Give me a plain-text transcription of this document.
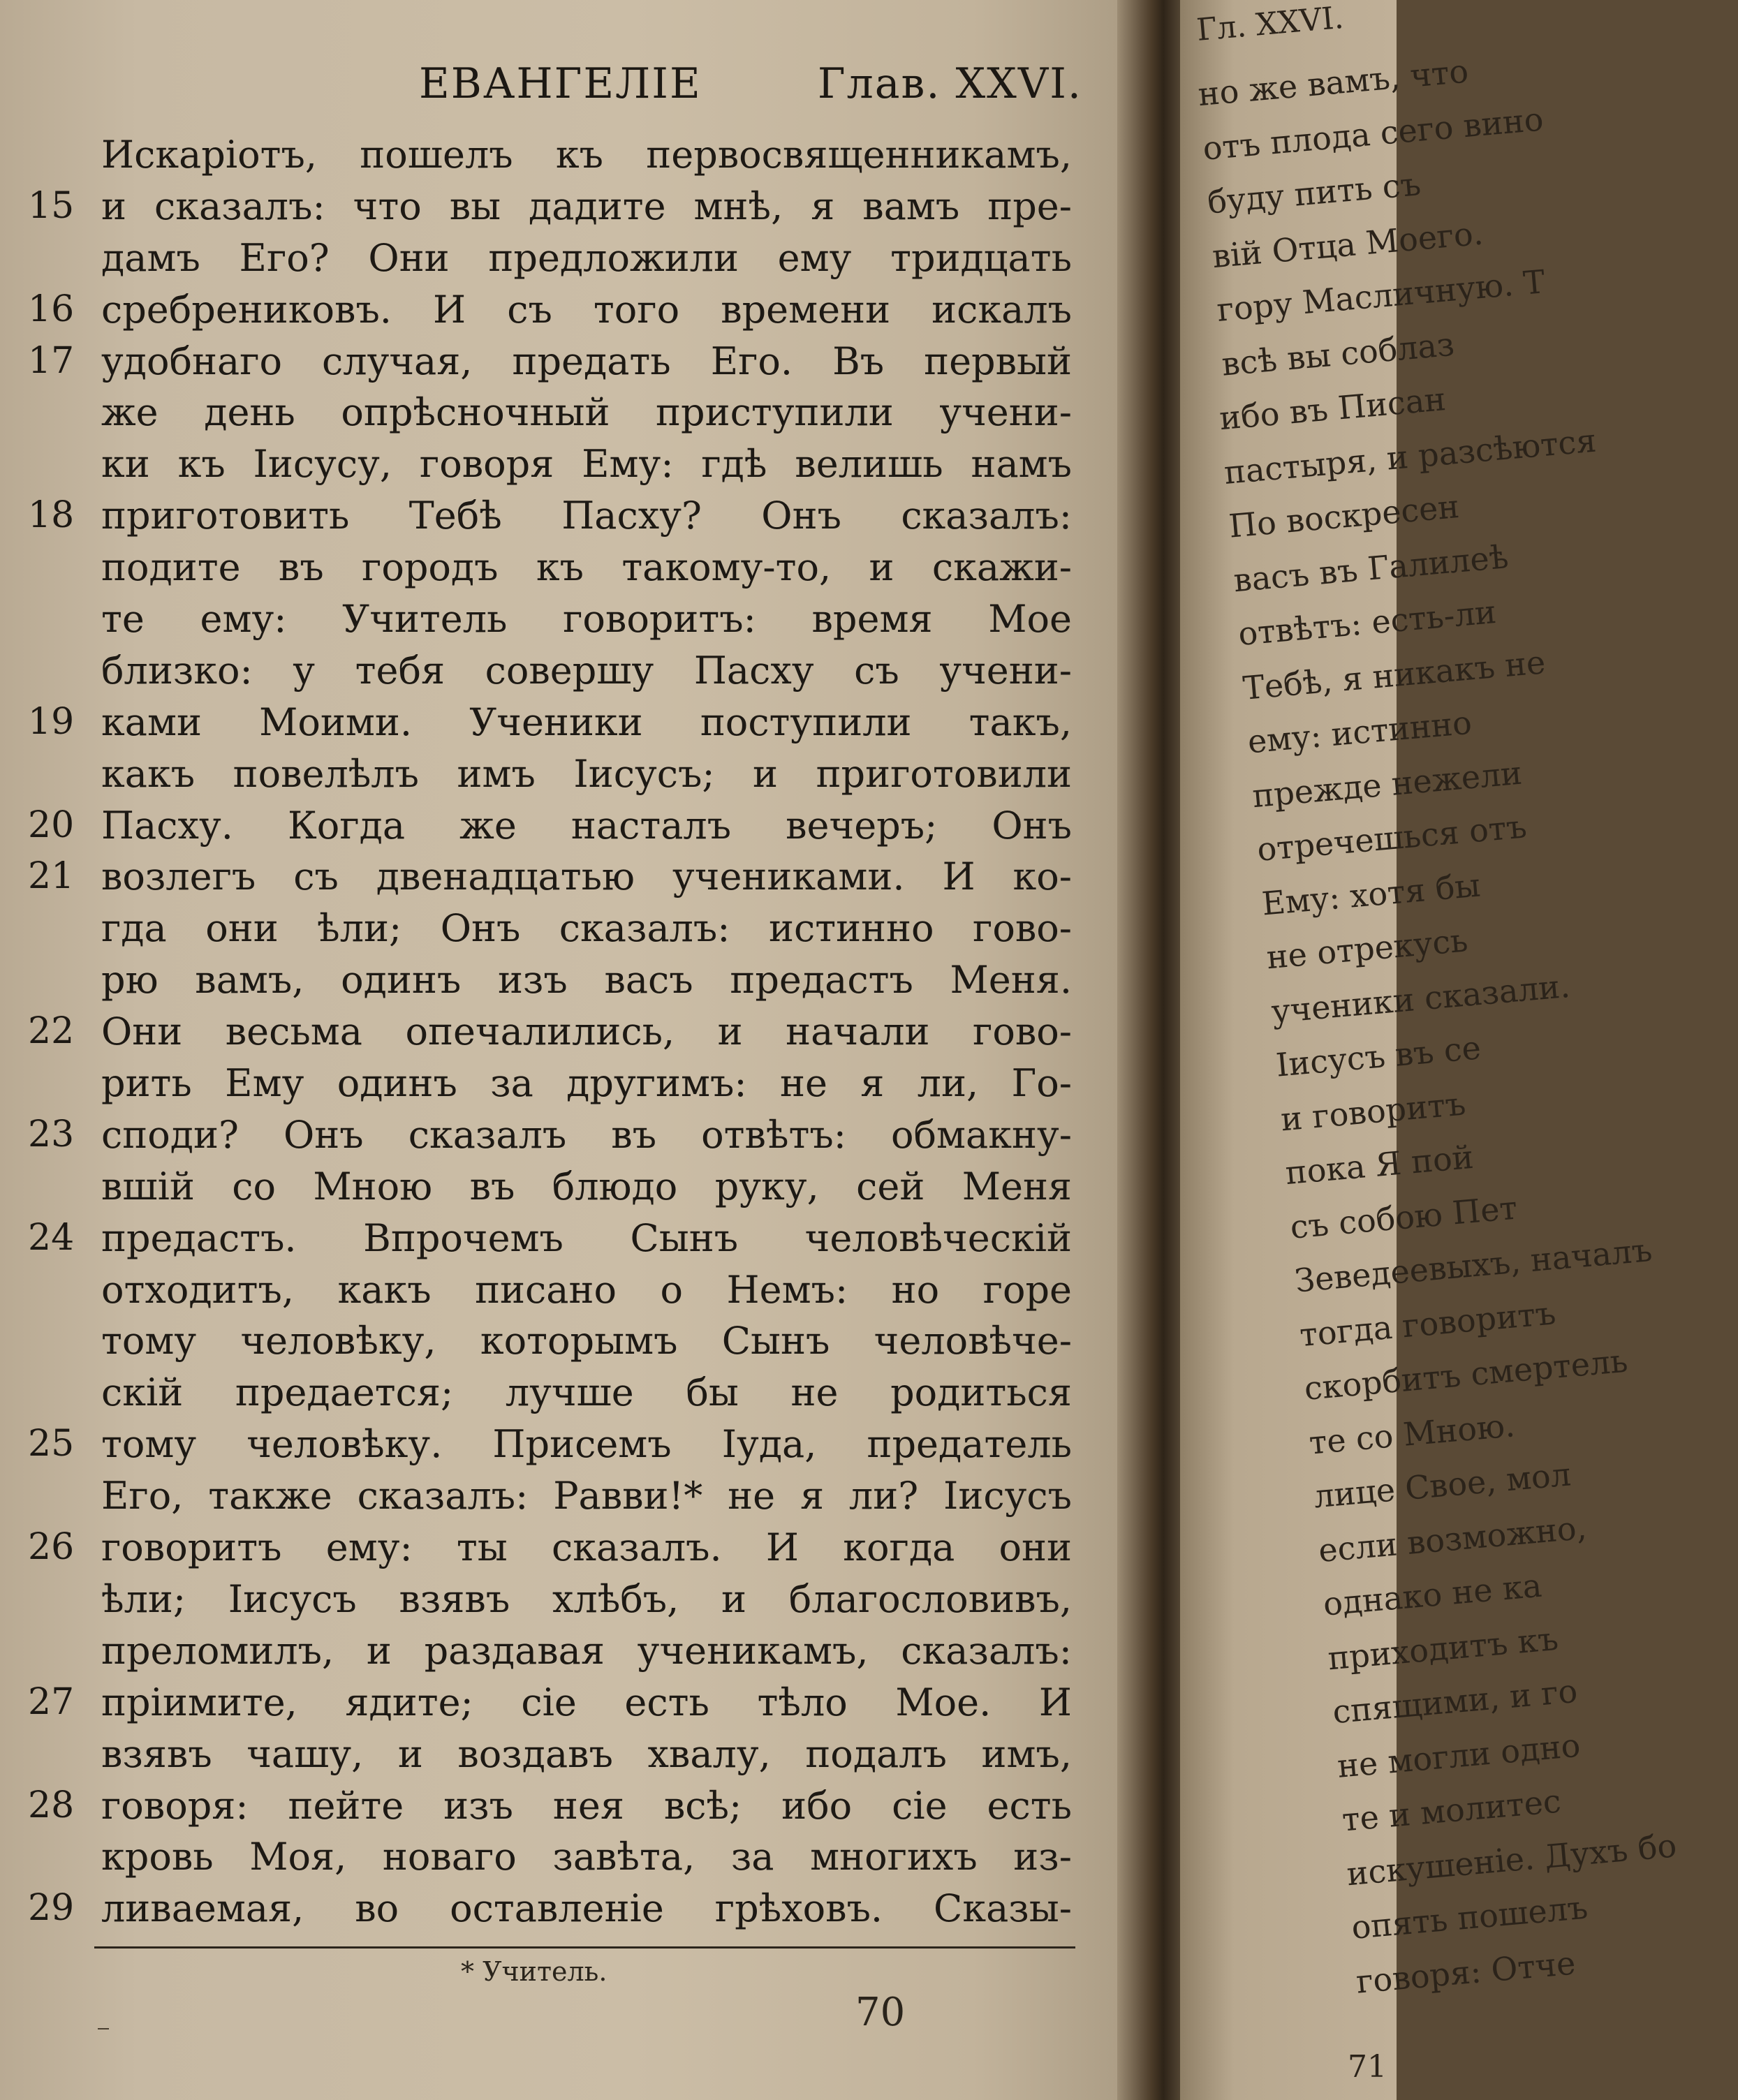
ЕВАНГЕЛІЕ	Глав. XXVI.
Искаріотъ, пошелъ къ первосвященникамъ,
15 и сказалъ: что вы дадите мнѣ, я вамъ пре-
дамъ Его? Они предложили ему тридцать
16 сребрениковъ. И съ того времени искалъ
17 удобнаго случая, предать Его. Въ первый
же день опрѣсночный приступили учени-
ки къ Іисусу, говоря Ему: гдѣ велишь намъ
18 приготовить Тебѣ Пасху? Онъ сказалъ:
подите въ городъ къ такому-то, и скажи-
те ему: Учитель говоритъ: время Мое
близко: у тебя совершу Пасху съ учени-
19 ками Моими. Ученики поступили такъ,
какъ повелѣлъ имъ Іисусъ; и приготовили
20 Пасху. Когда же насталъ вечеръ; Онъ
21 возлегъ съ двенадцатью учениками. И ко-
гда они ѣли; Онъ сказалъ: истинно гово-
рю вамъ, одинъ изъ васъ предастъ Меня.
22 Они весьма опечалились, и начали гово-
рить Ему одинъ за другимъ: не я ли, Го-
23 споди? Онъ сказалъ въ отвѣтъ: обмакну-
вшій со Мною въ блюдо руку, сей Меня
24 предастъ. Впрочемъ Сынъ человѣческій
отходитъ, какъ писано о Немъ: но горе
тому человѣку, которымъ Сынъ человѣче-
скій предается; лучше бы не родиться
25 тому человѣку. Присемъ Іуда, предатель
Его, также сказалъ: Равви!* не я ли? Іисусъ
26 говоритъ ему: ты сказалъ. И когда они
ѣли; Іисусъ взявъ хлѣбъ, и благословивъ,
преломилъ, и раздавая ученикамъ, сказалъ:
27 пріимите, ядите; сіе есть тѣло Мое. И
взявъ чашу, и воздавъ хвалу, подалъ имъ,
28 говоря: пейте изъ нея всѣ; ибо сіе есть
кровь Моя, новаго завѣта, за многихъ из-
29 ливаемая, во оставленіе грѣховъ. Сказы-
* Учитель.
70
Гл. XXVI.
но же вамъ, что
отъ плода сего вино
буду пить съ
вій Отца Моего.
гору Масличную. Т
всѣ вы соблаз
ибо въ Писан
пастыря, и разсѣются
По воскресен
васъ въ Галилеѣ
отвѣтъ: есть-ли
Тебѣ, я никакъ не
ему: истинно
прежде нежели
отречешься отъ
Ему: хотя бы
не отрекусь
ученики сказали.
Іисусъ въ се
и говоритъ
пока Я пой
съ собою Пет
Зеведеевыхъ, началъ
тогда говоритъ
скорбитъ смертель
те со Мною.
лице Свое, мол
если возможно,
однако не ка
приходитъ къ
спящими, и го
не могли одно
те и молитес
искушеніе. Духъ бо
опять пошелъ
говоря: Отче
71
